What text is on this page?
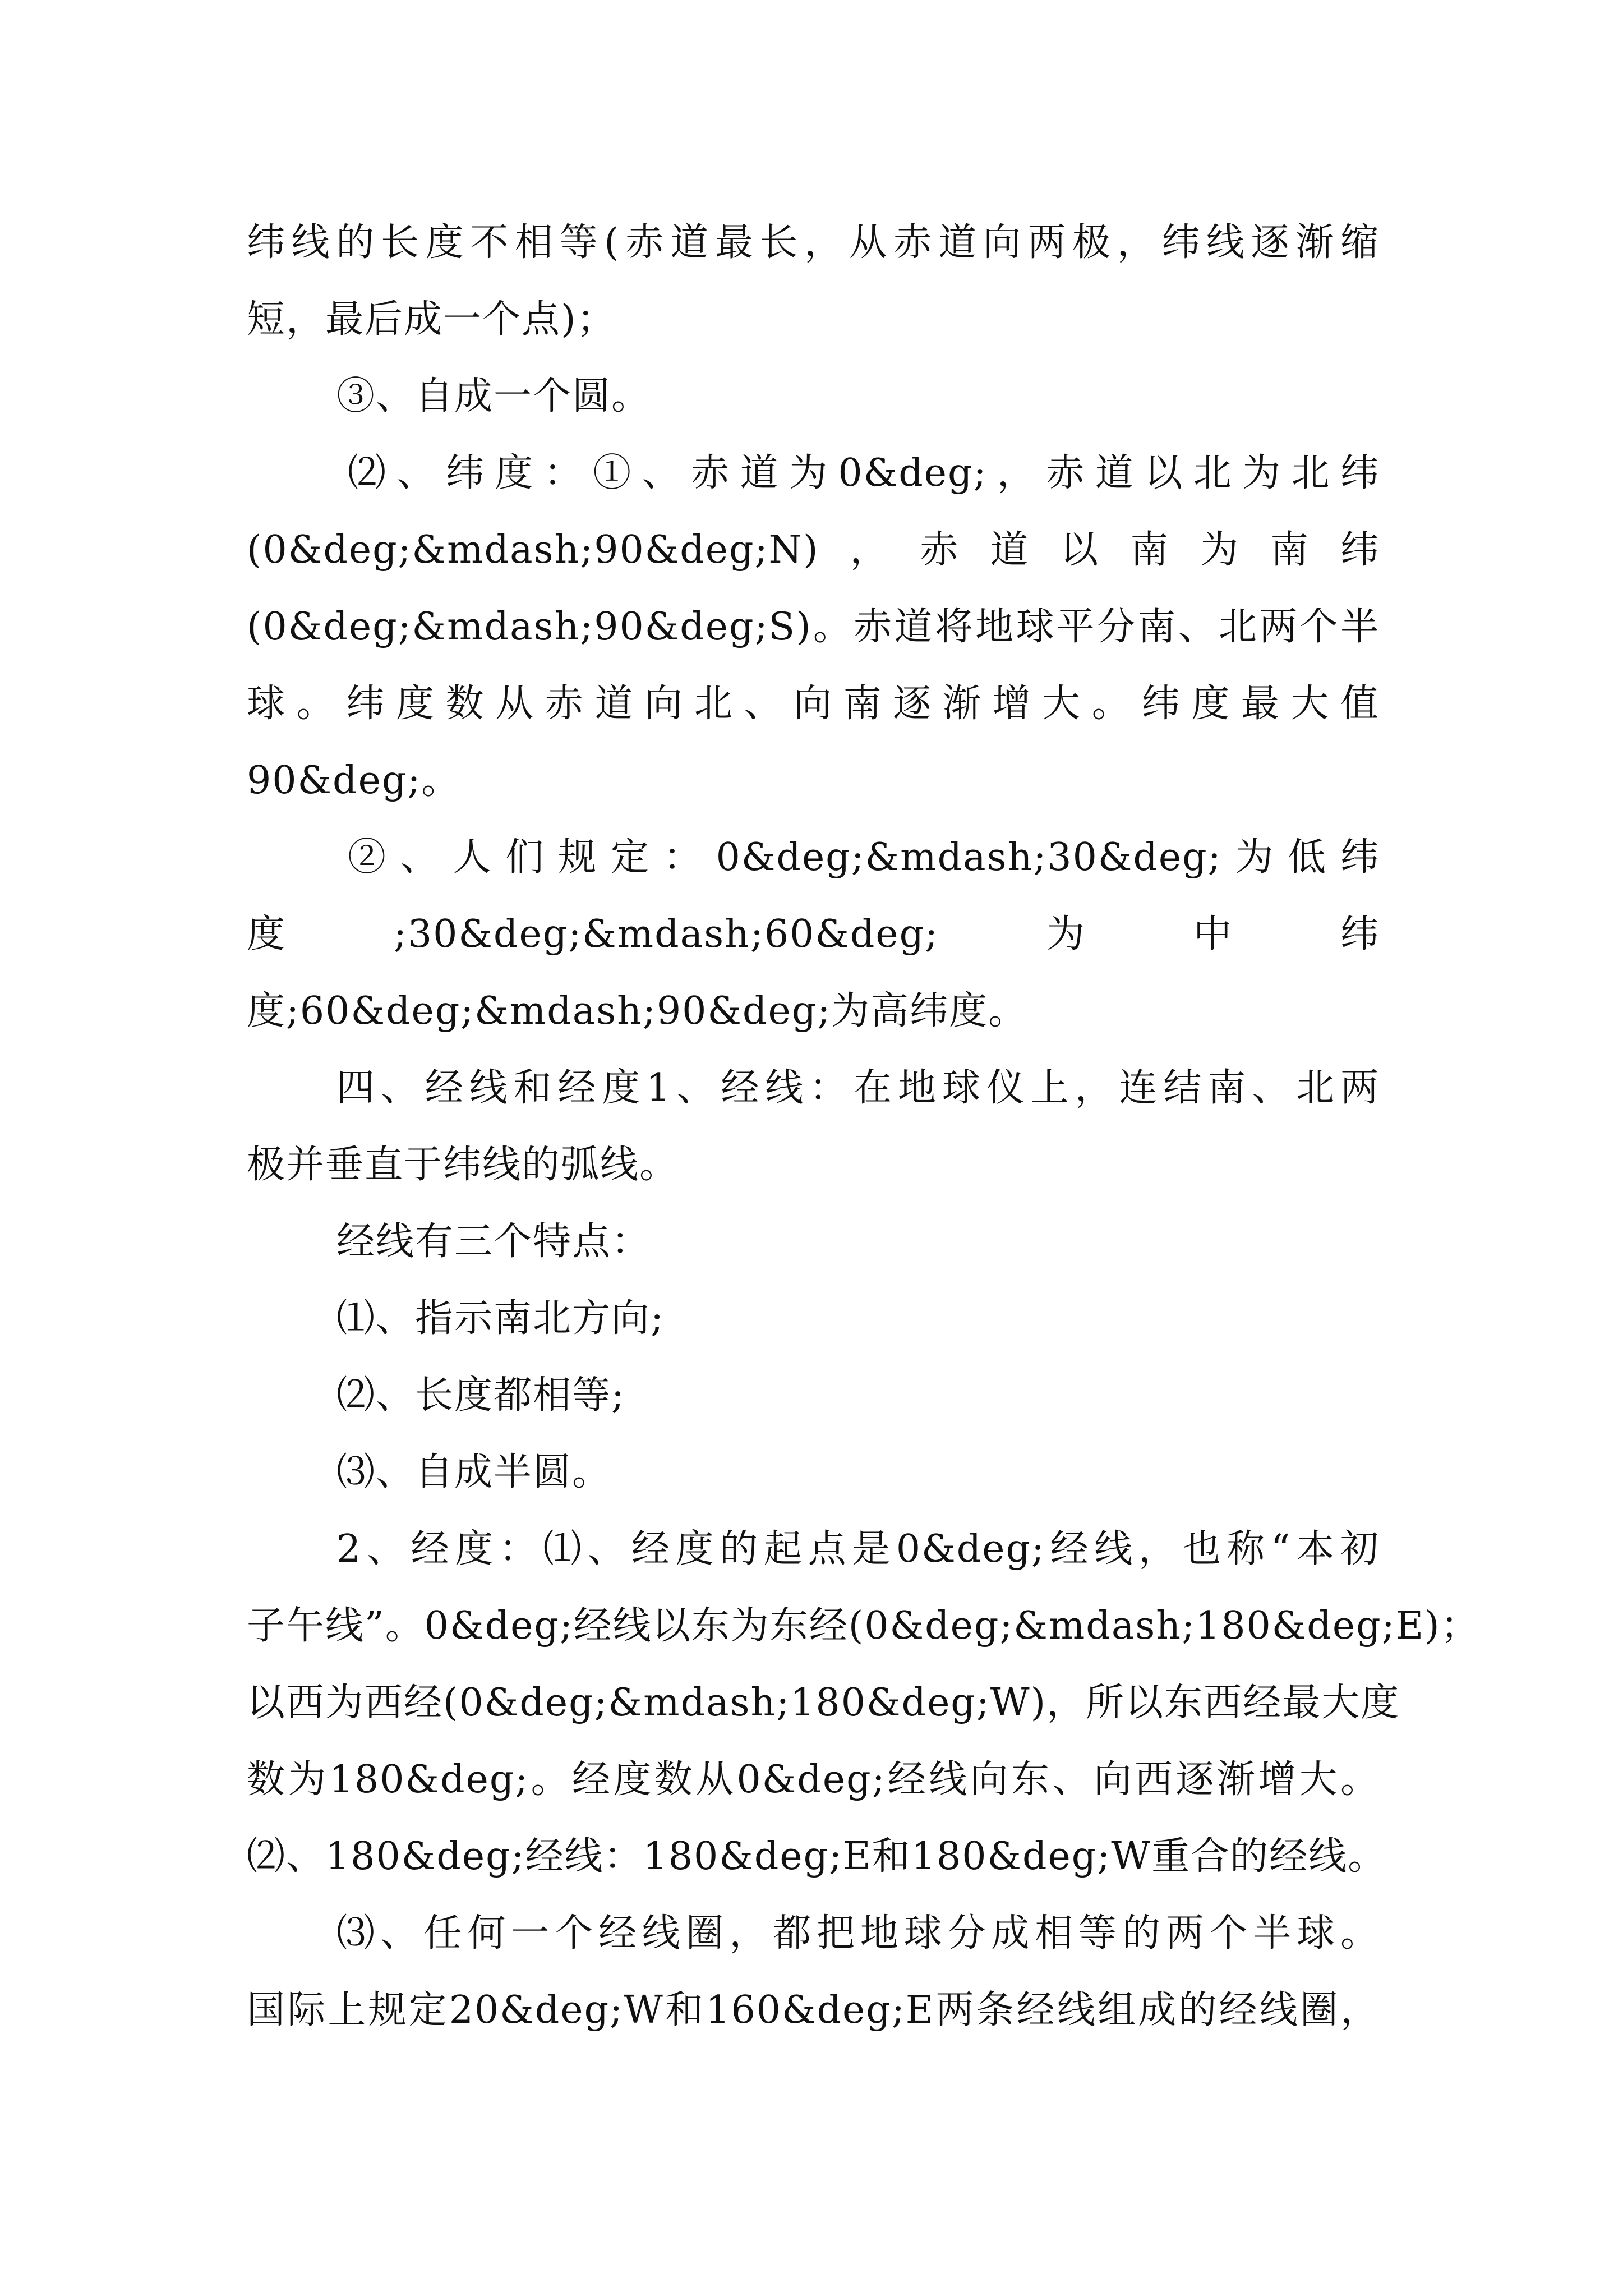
纬线的长度不相等(赤道最长，从赤道向两极，纬线逐渐缩
短，最后成一个点)；
③、自成一个圆。
⑵、纬度：①、赤道为0&deg;，赤道以北为北纬
(0&deg;&mdash;90&deg;N)，赤道以南为南纬
(0&deg;&mdash;90&deg;S)。赤道将地球平分南、北两个半
球。纬度数从赤道向北、向南逐渐增大。纬度最大值
90&deg;。
②、人们规定：0&deg;&mdash;30&deg;为低纬
度;30&deg;&mdash;60&deg;为中纬
度;60&deg;&mdash;90&deg;为高纬度。
四、经线和经度1、经线：在地球仪上，连结南、北两
极并垂直于纬线的弧线。
经线有三个特点：
⑴、指示南北方向;
⑵、长度都相等;
⑶、自成半圆。
2、经度：⑴、经度的起点是0&deg;经线，也称“本初
子午线”。0&deg;经线以东为东经(0&deg;&mdash;180&deg;E)；
以西为西经(0&deg;&mdash;180&deg;W)，所以东西经最大度
数为180&deg;。经度数从0&deg;经线向东、向西逐渐增大。
⑵、180&deg;经线：180&deg;E和180&deg;W重合的经线。
⑶、任何一个经线圈，都把地球分成相等的两个半球。
国际上规定20&deg;W和160&deg;E两条经线组成的经线圈，
